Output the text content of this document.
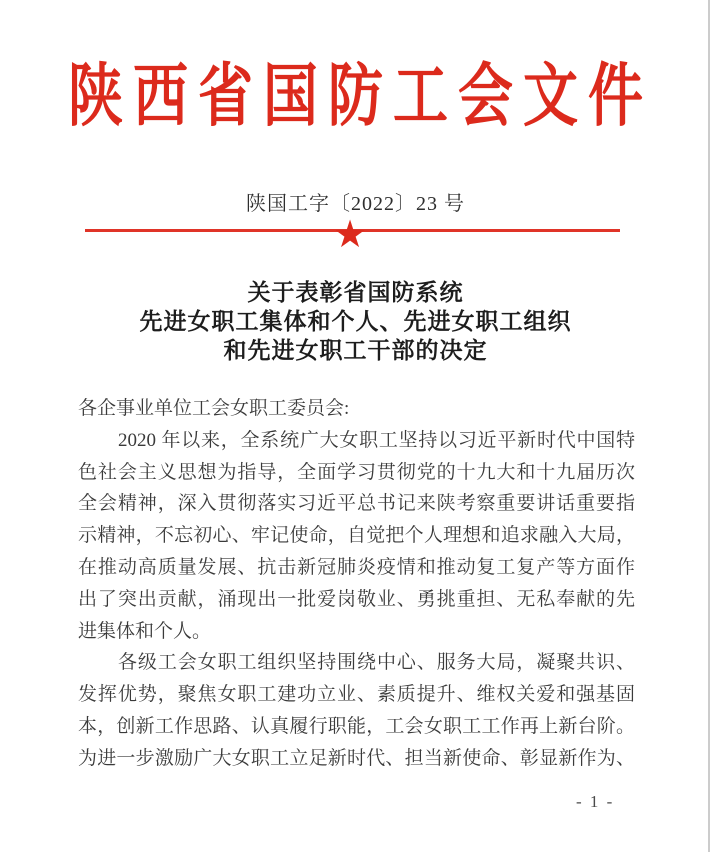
陕西省国防工会文件
陕国工字〔2022〕23 号
★
关于表彰省国防系统
先进女职工集体和个人、先进女职工组织
和先进女职工干部的决定
各企事业单位工会女职工委员会:
2020 年以来，全系统广大女职工坚持以习近平新时代中国特
色社会主义思想为指导，全面学习贯彻党的十九大和十九届历次
全会精神，深入贯彻落实习近平总书记来陕考察重要讲话重要指
示精神，不忘初心、牢记使命，自觉把个人理想和追求融入大局，
在推动高质量发展、抗击新冠肺炎疫情和推动复工复产等方面作
出了突出贡献，涌现出一批爱岗敬业、勇挑重担、无私奉献的先
进集体和个人。
各级工会女职工组织坚持围绕中心、服务大局，凝聚共识、
发挥优势，聚焦女职工建功立业、素质提升、维权关爱和强基固
本，创新工作思路、认真履行职能，工会女职工工作再上新台阶。
为进一步激励广大女职工立足新时代、担当新使命、彰显新作为、
- 1 -
